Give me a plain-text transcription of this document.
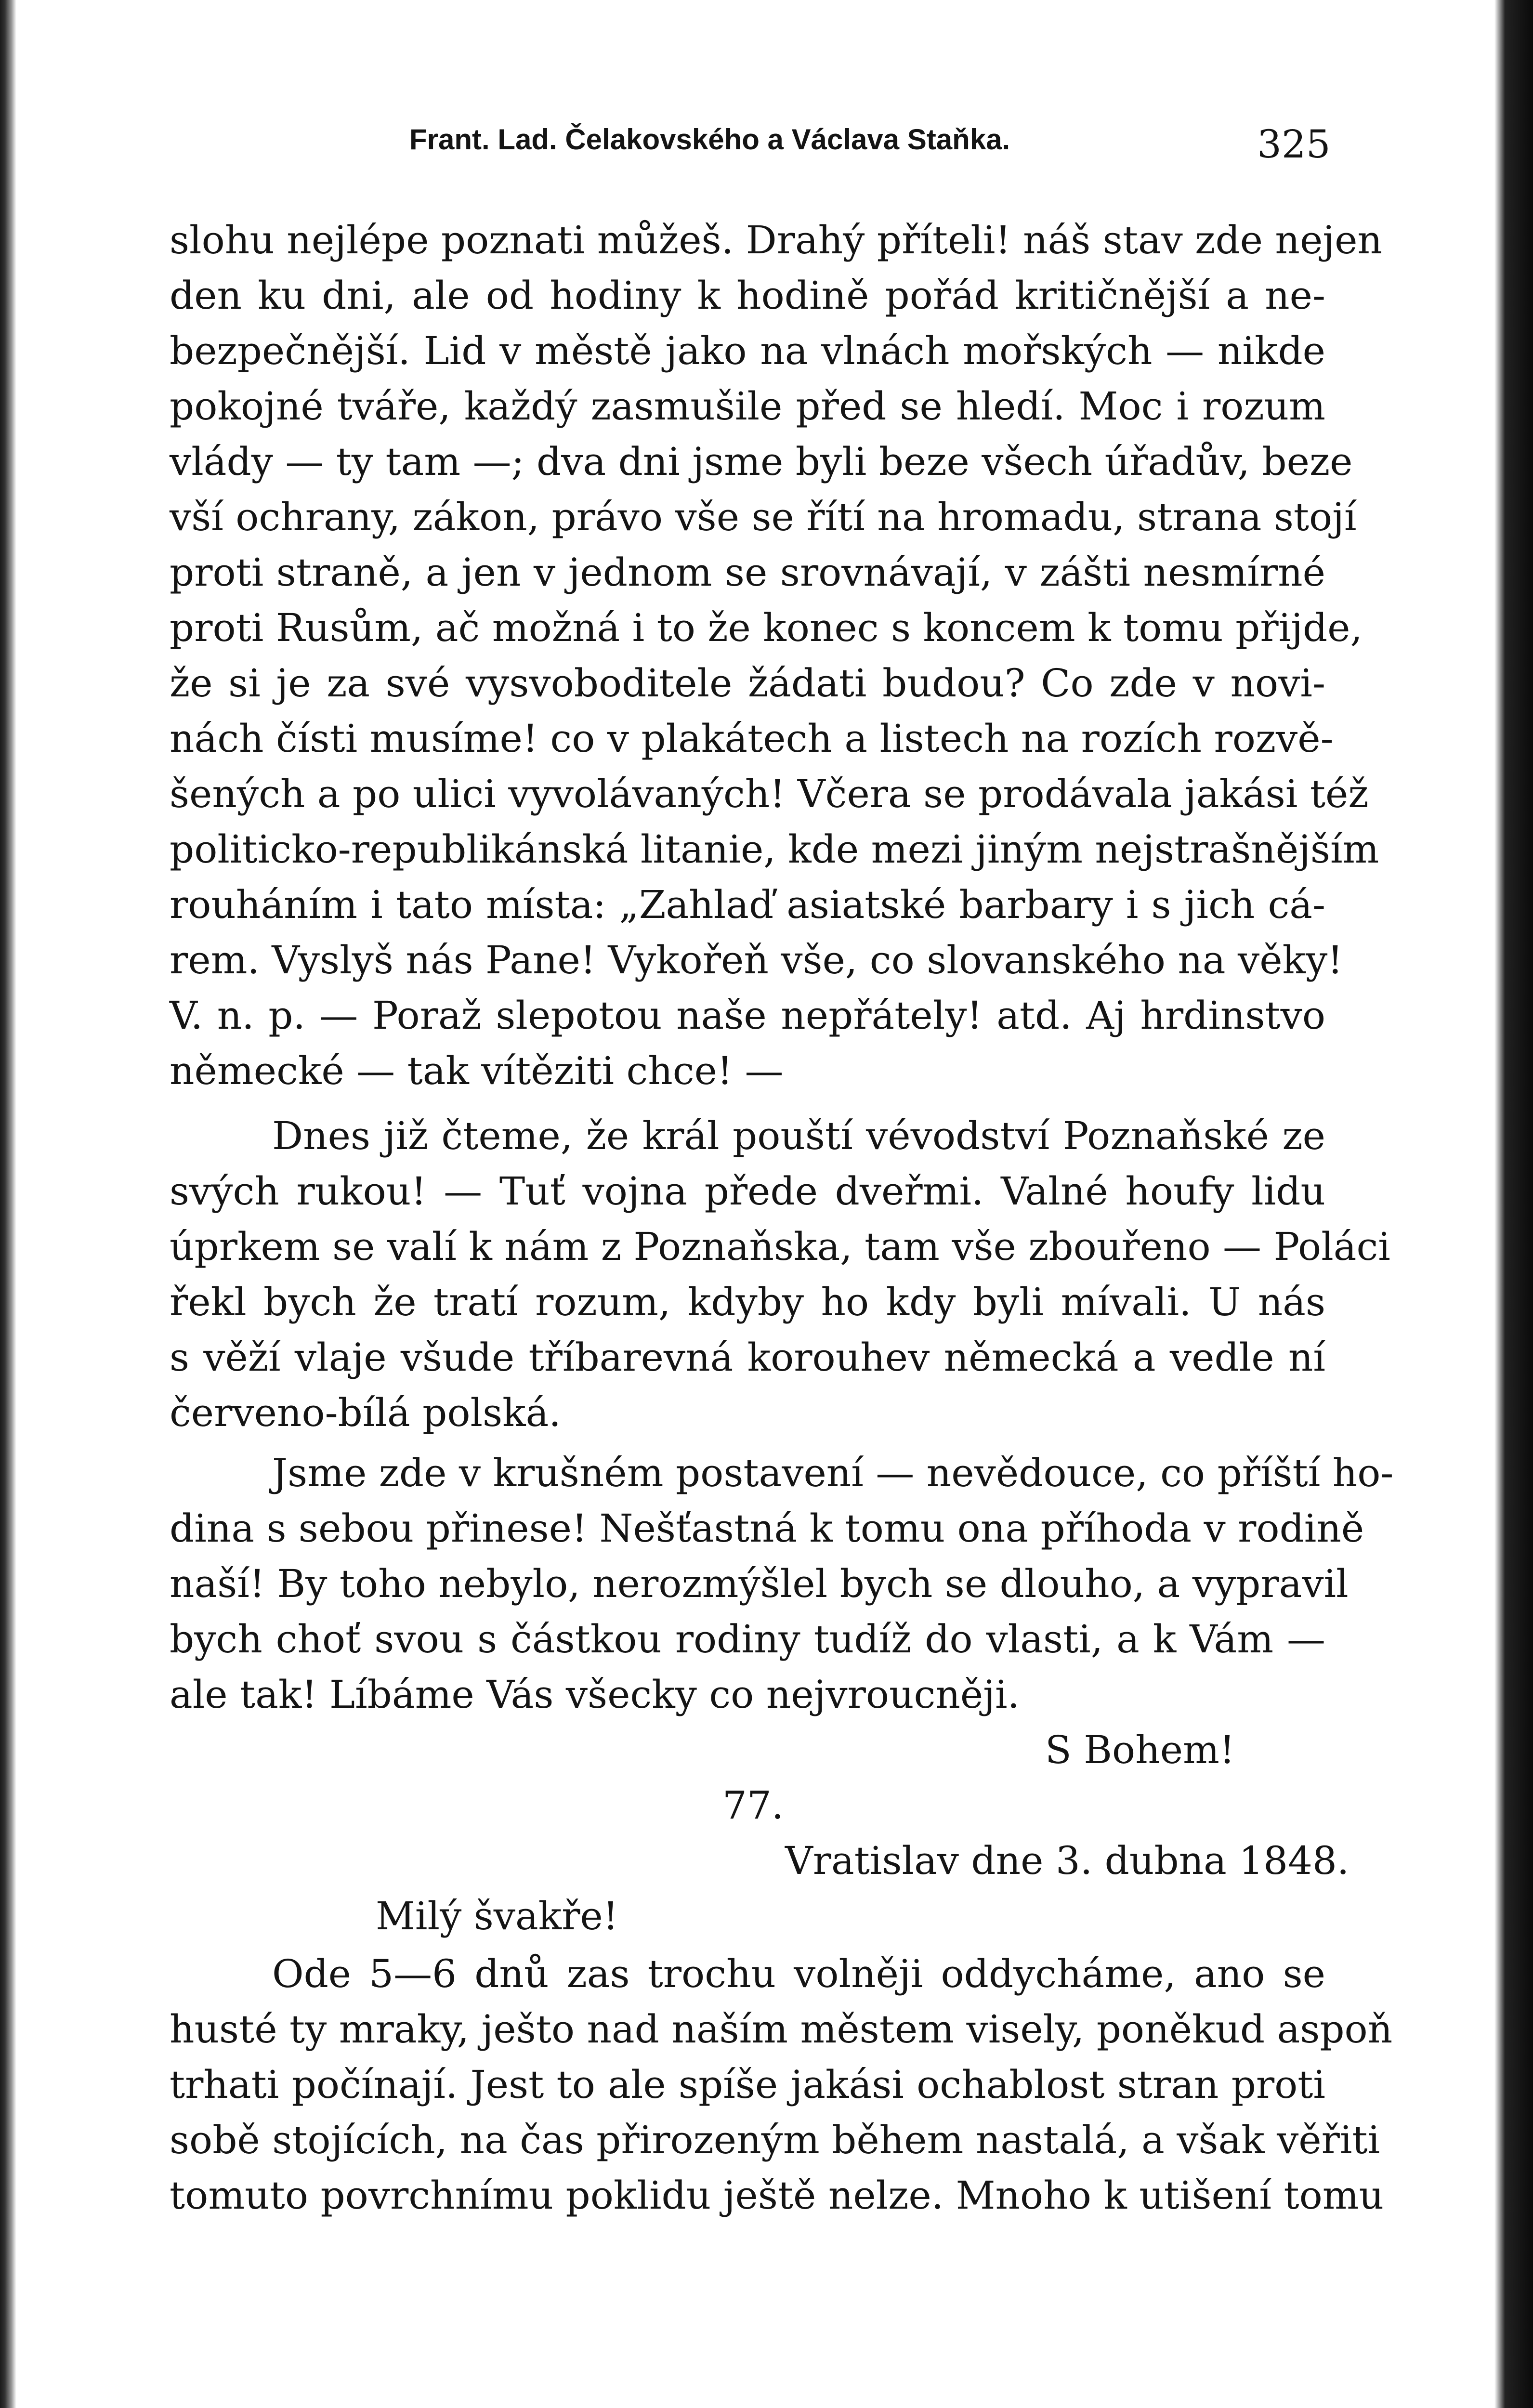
Frant. Lad. Čelakovského a Václava Staňka.	325
slohu nejlépe poznati můžeš. Drahý příteli! náš stav zde nejen
den ku dni, ale od hodiny k hodině pořád kritičnější a ne-
bezpečnější. Lid v městě jako na vlnách mořských — nikde
pokojné tváře, každý zasmušile před se hledí. Moc i rozum
vlády — ty tam —; dva dni jsme byli beze všech úřadův, beze
vší ochrany, zákon, právo vše se řítí na hromadu, strana stojí
proti straně, a jen v jednom se srovnávají, v zášti nesmírné
proti Rusům, ač možná i to že konec s koncem k tomu přijde,
že si je za své vysvoboditele žádati budou? Co zde v novi-
nách čísti musíme! co v plakátech a listech na rozích rozvě-
šených a po ulici vyvolávaných! Včera se prodávala jakási též
politicko-republikánská litanie, kde mezi jiným nejstrašnějším
rouháním i tato místa: „Zahlaď asiatské barbary i s jich cá-
rem. Vyslyš nás Pane! Vykořeň vše, co slovanského na věky!
V. n. p. — Poraž slepotou naše nepřátely! atd. Aj hrdinstvo
německé — tak vítěziti chce! —
Dnes již čteme, že král pouští vévodství Poznaňské ze
svých rukou! — Tuť vojna přede dveřmi. Valné houfy lidu
úprkem se valí k nám z Poznaňska, tam vše zbouřeno — Poláci
řekl bych že tratí rozum, kdyby ho kdy byli mívali. U nás
s věží vlaje všude tříbarevná korouhev německá a vedle ní
červeno-bílá polská.
Jsme zde v krušném postavení — nevědouce, co příští ho-
dina s sebou přinese! Nešťastná k tomu ona příhoda v rodině
naší! By toho nebylo, nerozmýšlel bych se dlouho, a vypravil
bych choť svou s částkou rodiny tudíž do vlasti, a k Vám —
ale tak! Líbáme Vás všecky co nejvroucněji.
S Bohem!
77.
Vratislav dne 3. dubna 1848.
Milý švakře!
Ode 5—6 dnů zas trochu volněji oddycháme, ano se
husté ty mraky, ješto nad naším městem visely, poněkud aspoň
trhati počínají. Jest to ale spíše jakási ochablost stran proti
sobě stojících, na čas přirozeným během nastalá, a však věřiti
tomuto povrchnímu poklidu ještě nelze. Mnoho k utišení tomu
